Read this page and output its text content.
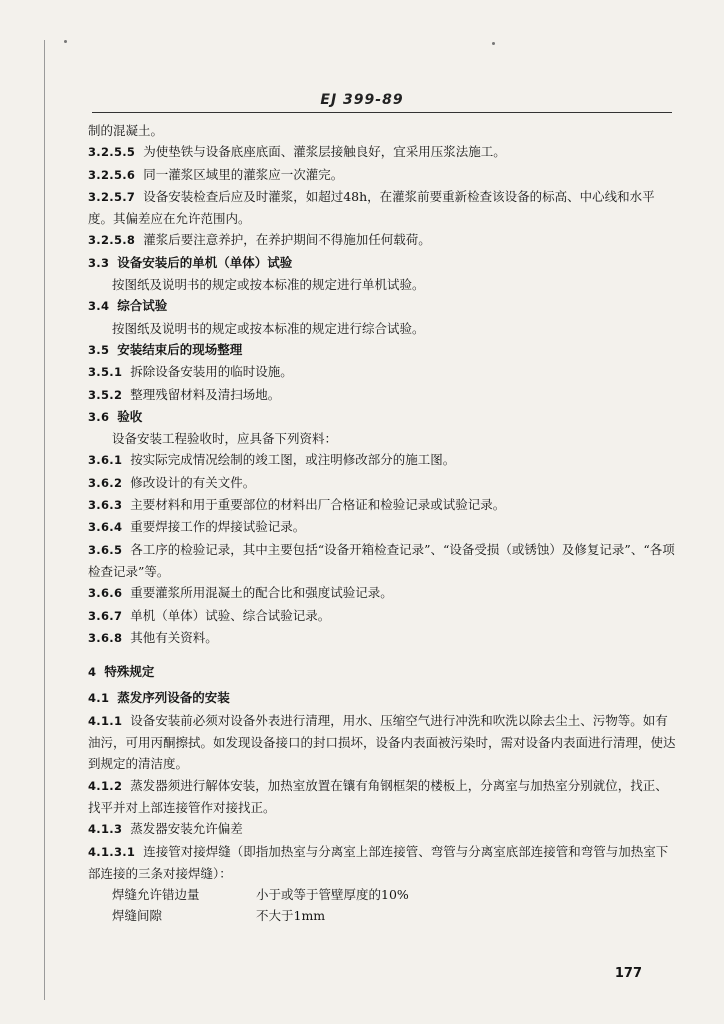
EJ 399-89
制的混凝土。
3.2.5.5 为使垫铁与设备底座底面、灌浆层接触良好，宜采用压浆法施工。
3.2.5.6 同一灌浆区域里的灌浆应一次灌完。
3.2.5.7 设备安装检查后应及时灌浆，如超过48h，在灌浆前要重新检查该设备的标高、中心线和水平度。其偏差应在允许范围内。
3.2.5.8 灌浆后要注意养护，在养护期间不得施加任何载荷。
3.3 设备安装后的单机（单体）试验
按图纸及说明书的规定或按本标准的规定进行单机试验。
3.4 综合试验
按图纸及说明书的规定或按本标准的规定进行综合试验。
3.5 安装结束后的现场整理
3.5.1 拆除设备安装用的临时设施。
3.5.2 整理残留材料及清扫场地。
3.6 验收
设备安装工程验收时，应具备下列资料：
3.6.1 按实际完成情况绘制的竣工图，或注明修改部分的施工图。
3.6.2 修改设计的有关文件。
3.6.3 主要材料和用于重要部位的材料出厂合格证和检验记录或试验记录。
3.6.4 重要焊接工作的焊接试验记录。
3.6.5 各工序的检验记录，其中主要包括“设备开箱检查记录”、“设备受损（或锈蚀）及修复记录”、“各项检查记录”等。
3.6.6 重要灌浆所用混凝土的配合比和强度试验记录。
3.6.7 单机（单体）试验、综合试验记录。
3.6.8 其他有关资料。
4 特殊规定
4.1 蒸发序列设备的安装
4.1.1 设备安装前必须对设备外表进行清理，用水、压缩空气进行冲洗和吹洗以除去尘土、污物等。如有油污，可用丙酮擦拭。如发现设备接口的封口损坏，设备内表面被污染时，需对设备内表面进行清理，使达到规定的清洁度。
4.1.2 蒸发器须进行解体安装，加热室放置在镶有角钢框架的楼板上，分离室与加热室分别就位，找正、找平并对上部连接管作对接找正。
4.1.3 蒸发器安装允许偏差
4.1.3.1 连接管对接焊缝（即指加热室与分离室上部连接管、弯管与分离室底部连接管和弯管与加热室下部连接的三条对接焊缝）：
焊缝允许错边量	小于或等于管壁厚度的10%
焊缝间隙	不大于1mm
177
